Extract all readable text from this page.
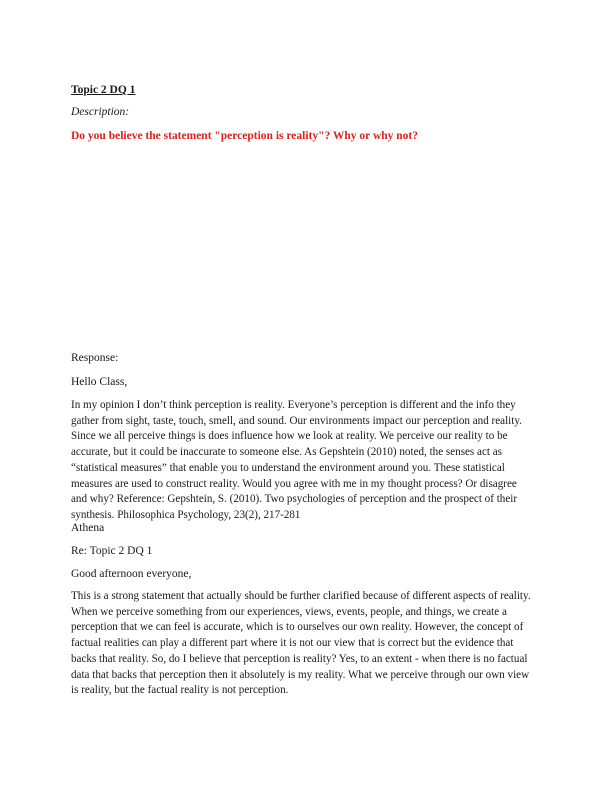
Topic 2 DQ 1
Description:
Do you believe the statement "perception is reality"? Why or why not?
Response:
Hello Class,
In my opinion I don’t think perception is reality. Everyone’s perception is different and the info they gather from sight, taste, touch, smell, and sound. Our environments impact our perception and reality. Since we all perceive things is does influence how we look at reality. We perceive our reality to be accurate, but it could be inaccurate to someone else. As Gepshtein (2010) noted, the senses act as “statistical measures” that enable you to understand the environment around you. These statistical measures are used to construct reality. Would you agree with me in my thought process? Or disagree and why? Reference: Gepshtein, S. (2010). Two psychologies of perception and the prospect of their synthesis. Philosophica Psychology, 23(2), 217-281
Athena
Re: Topic 2 DQ 1
Good afternoon everyone,
This is a strong statement that actually should be further clarified because of different aspects of reality. When we perceive something from our experiences, views, events, people, and things, we create a perception that we can feel is accurate, which is to ourselves our own reality. However, the concept of factual realities can play a different part where it is not our view that is correct but the evidence that backs that reality. So, do I believe that perception is reality? Yes, to an extent - when there is no factual data that backs that perception then it absolutely is my reality. What we perceive through our own view is reality, but the factual reality is not perception.
